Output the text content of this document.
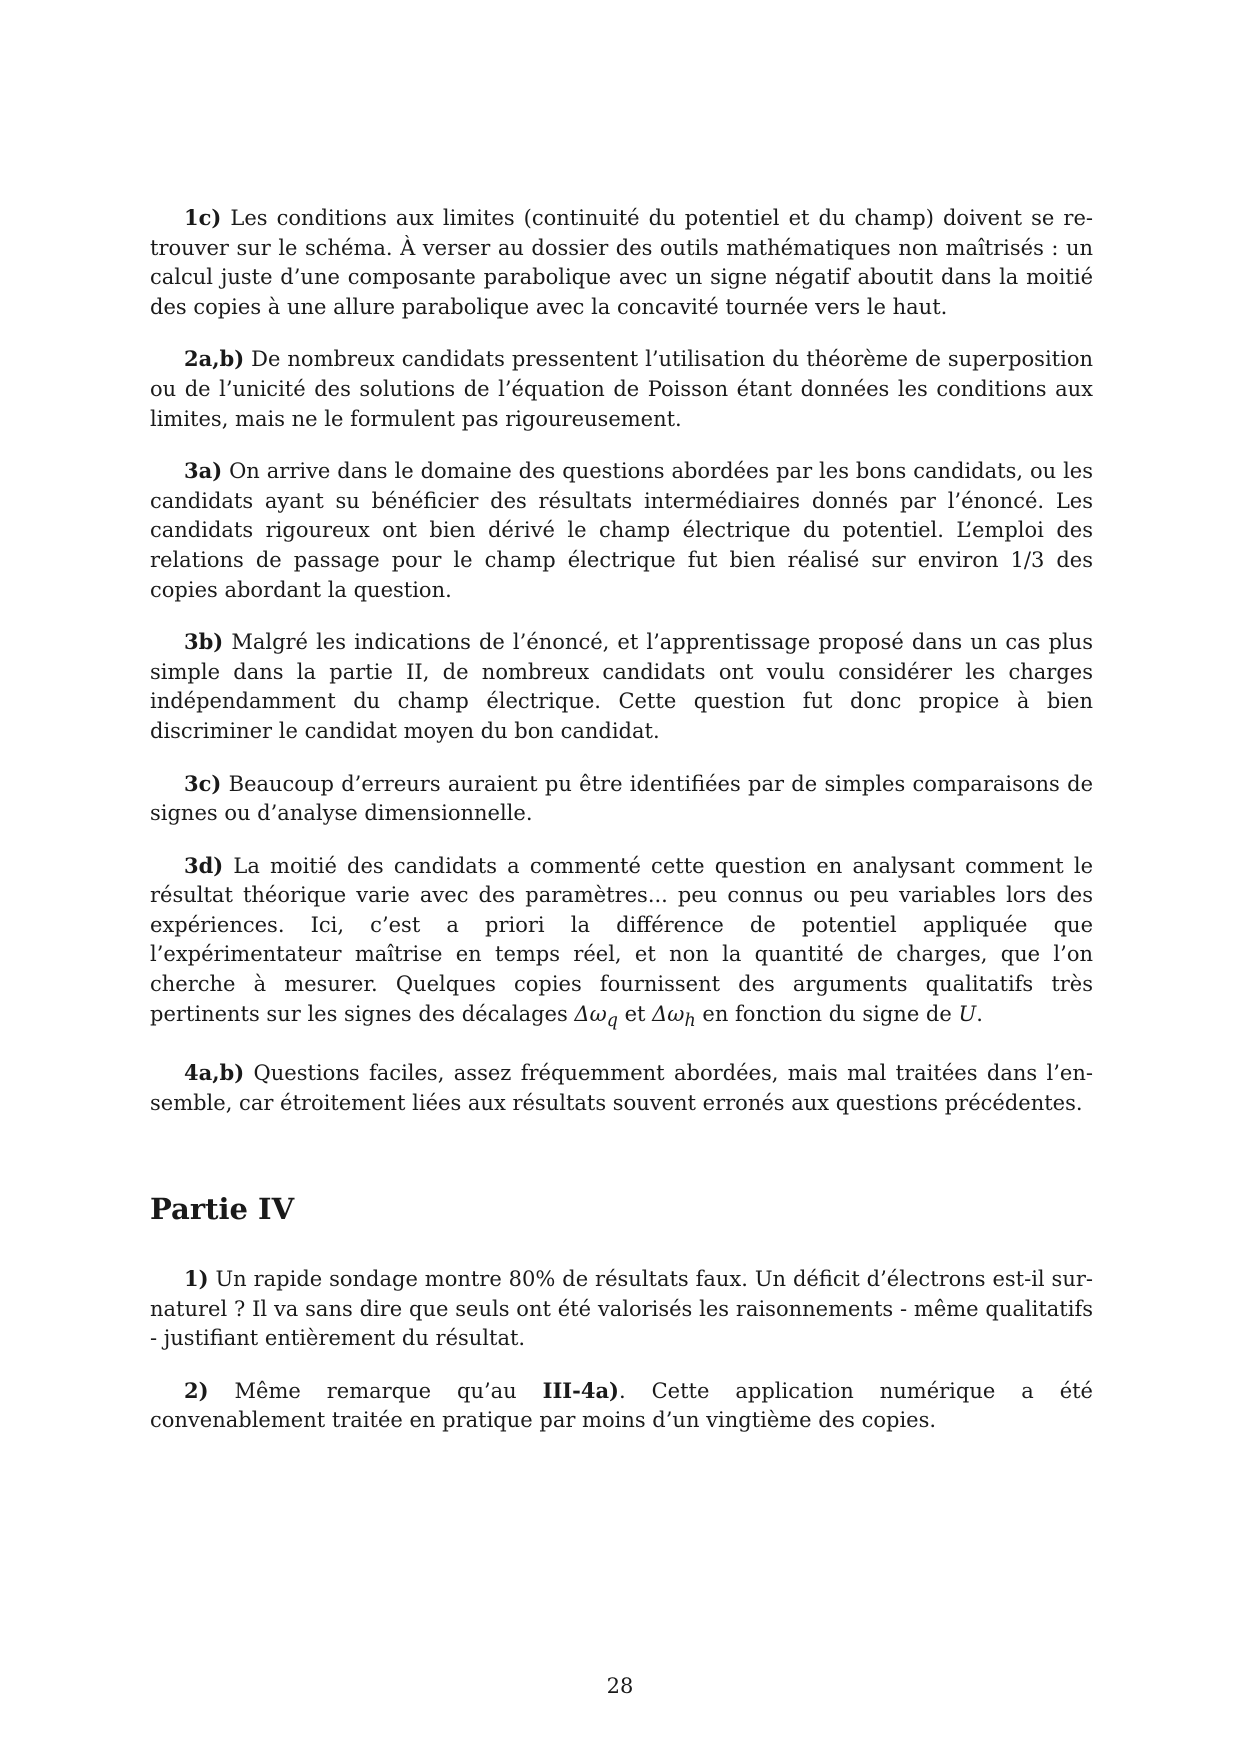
1c) Les conditions aux limites (continuité du potentiel et du champ) doivent se retrouver sur le schéma. À verser au dossier des outils mathématiques non maîtrisés : un calcul juste d’une composante parabolique avec un signe négatif aboutit dans la moitié des copies à une allure parabolique avec la concavité tournée vers le haut.

2a,b) De nombreux candidats pressentent l’utilisation du théorème de superposition ou de l’unicité des solutions de l’équation de Poisson étant données les conditions aux limites, mais ne le formulent pas rigoureusement.

3a) On arrive dans le domaine des questions abordées par les bons candidats, ou les candidats ayant su bénéficier des résultats intermédiaires donnés par l’énoncé. Les candidats rigoureux ont bien dérivé le champ électrique du potentiel. L’emploi des relations de passage pour le champ électrique fut bien réalisé sur environ 1/3 des copies abordant la question.

3b) Malgré les indications de l’énoncé, et l’apprentissage proposé dans un cas plus simple dans la partie II, de nombreux candidats ont voulu considérer les charges indépendamment du champ électrique. Cette question fut donc propice à bien discriminer le candidat moyen du bon candidat.

3c) Beaucoup d’erreurs auraient pu être identifiées par de simples comparaisons de signes ou d’analyse dimensionnelle.

3d) La moitié des candidats a commenté cette question en analysant comment le résultat théorique varie avec des paramètres... peu connus ou peu variables lors des expériences. Ici, c’est a priori la différence de potentiel appliquée que l’expérimentateur maîtrise en temps réel, et non la quantité de charges, que l’on cherche à mesurer. Quelques copies fournissent des arguments qualitatifs très pertinents sur les signes des décalages $\Delta\omega_q$ et $\Delta\omega_h$ en fonction du signe de U.

4a,b) Questions faciles, assez fréquemment abordées, mais mal traitées dans l’ensemble, car étroitement liées aux résultats souvent erronés aux questions précédentes.

Partie IV

1) Un rapide sondage montre 80% de résultats faux. Un déficit d’électrons est-il surnaturel ? Il va sans dire que seuls ont été valorisés les raisonnements - même qualitatifs - justifiant entièrement du résultat.

2) Même remarque qu’au III-4a). Cette application numérique a été convenablement traitée en pratique par moins d’un vingtième des copies.

28
